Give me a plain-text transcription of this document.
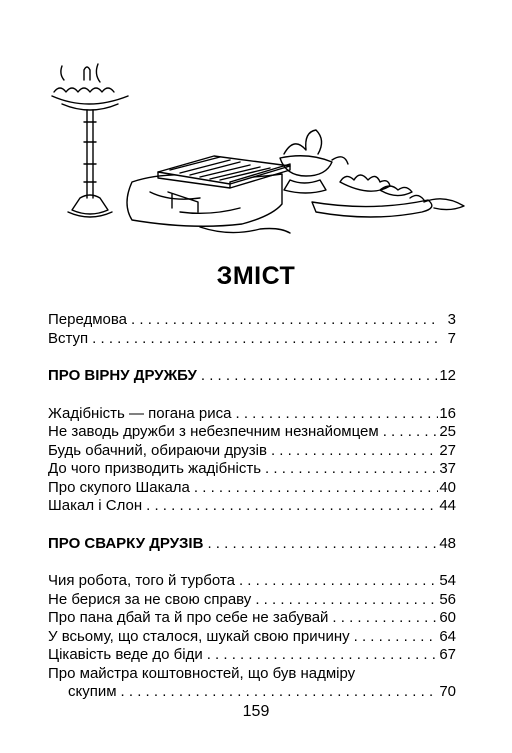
ЗМІСТ
Передмова . . .	3
Вступ . . .	7
ПРО ВІРНУ ДРУЖБУ . . .	12
Жадібність — погана риса . . .	16
Не заводь дружби з небезпечним незнайомцем . . .	25
Будь обачний, обираючи друзів . . .	27
До чого призводить жадібність . . .	37
Про скупого Шакала . . .	40
Шакал і Слон . . .	44
ПРО СВАРКУ ДРУЗІВ . . .	48
Чия робота, того й турбота . . .	54
Не берися за не свою справу . . .	56
Про пана дбай та й про себе не забувай . . .	60
У всьому, що сталося, шукай свою причину . . .	64
Цікавість веде до біди . . .	67
Про майстра коштовностей, що був надміру
скупим . . .	70
159
